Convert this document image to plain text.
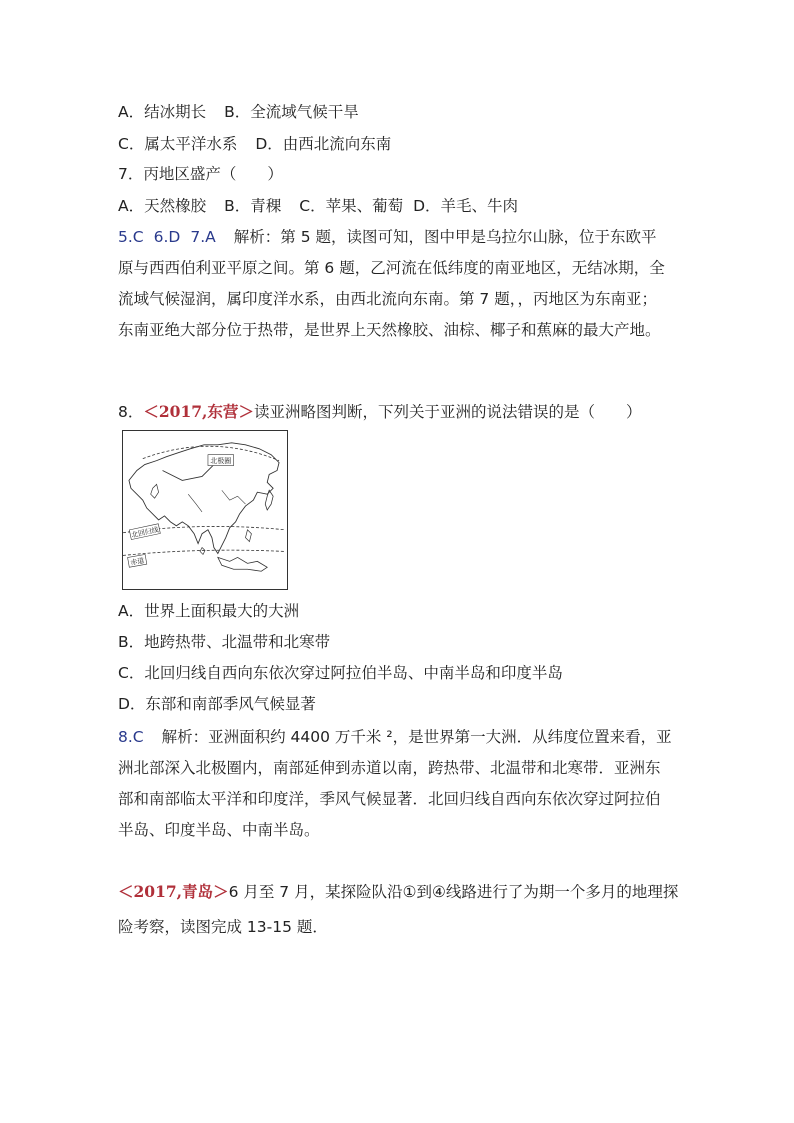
A．结冰期长 B．全流域气候干旱
C．属太平洋水系 D．由西北流向东南
7．丙地区盛产（　　）
A．天然橡胶 B．青稞 C．苹果、葡萄 D．羊毛、牛肉
5.C 6.D 7.A 解析：第 5 题，读图可知，图中甲是乌拉尔山脉，位于东欧平
原与西西伯利亚平原之间。第 6 题，乙河流在低纬度的南亚地区，无结冰期，全
流域气候湿润，属印度洋水系，由西北流向东南。第 7 题，，丙地区为东南亚；
东南亚绝大部分位于热带，是世界上天然橡胶、油棕、椰子和蕉麻的最大产地。
8．＜2017,东营＞读亚洲略图判断，下列关于亚洲的说法错误的是（　　）
北极圈
北回归线
赤道
A．世界上面积最大的大洲
B．地跨热带、北温带和北寒带
C．北回归线自西向东依次穿过阿拉伯半岛、中南半岛和印度半岛
D．东部和南部季风气候显著
8.C 解析：亚洲面积约 4400 万千米 ²，是世界第一大洲．从纬度位置来看，亚
洲北部深入北极圈内，南部延伸到赤道以南，跨热带、北温带和北寒带．亚洲东
部和南部临太平洋和印度洋，季风气候显著．北回归线自西向东依次穿过阿拉伯
半岛、印度半岛、中南半岛。
＜2017,青岛＞6 月至 7 月，某探险队沿①到④线路进行了为期一个多月的地理探
险考察，读图完成 13-15 题．
